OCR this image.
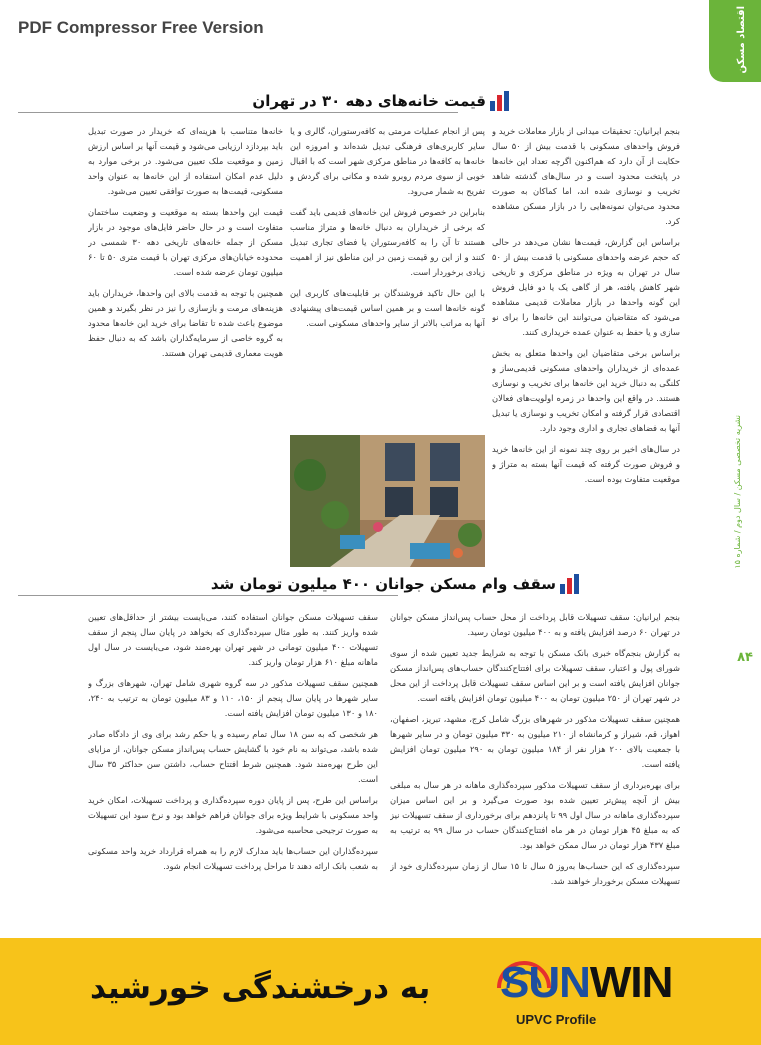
PDF Compressor Free Version	اقتصاد مسکن
نشریه تخصصی مسکن / سال دوم / شماره ۱۵
۸۴
قیمت خانه‌های دهه ۳۰ در تهران

بنجم ایرانیان: تحقیقات میدانی از بازار معاملات خرید و فروش واحدهای مسکونی با قدمت بیش از ۵۰ سال حکایت از آن دارد که هم‌اکنون اگرچه تعداد این خانه‌ها در پایتخت محدود است و در سال‌های گذشته شاهد تخریب و نوسازی شده اند، اما کماکان به صورت محدود می‌توان نمونه‌هایی را در بازار مسکن مشاهده کرد.

براساس این گزارش، قیمت‌ها نشان می‌دهد در حالی که حجم عرضه واحدهای مسکونی با قدمت بیش از ۵۰ سال در تهران به ویژه در مناطق مرکزی و تاریخی شهر کاهش یافته، هر از گاهی یک یا دو فایل فروش این گونه واحدها در بازار معاملات قدیمی مشاهده می‌شود که متقاضیان می‌توانند این خانه‌ها را برای نو سازی و یا حفظ به عنوان عمده خریداری کنند.

براساس برخی متقاضیان این واحدها متعلق به بخش عمده‌ای از خریداران واحدهای مسکونی قدیمی‌ساز و کلنگی به دنبال خرید این خانه‌ها برای تخریب و نوسازی هستند. در واقع این واحدها در زمره اولویت‌های فعالان اقتصادی قرار گرفته و امکان تخریب و نوسازی یا تبدیل آنها به فضاهای تجاری و اداری وجود دارد.

در سال‌های اخیر بر روی چند نمونه از این خانه‌ها خرید و فروش صورت گرفته که قیمت آنها بسته به متراژ و موقعیت متفاوت بوده است.

پس از انجام عملیات مرمتی به کافه‌رستوران، گالری و یا سایر کاربری‌های فرهنگی تبدیل شده‌اند و امروزه این خانه‌ها به کافه‌ها در مناطق مرکزی شهر است که با اقبال خوبی از سوی مردم روبرو شده و مکانی برای گردش و تفریح به شمار می‌رود.

بنابراین در خصوص فروش این خانه‌های قدیمی باید گفت که برخی از خریداران به دنبال خانه‌ها و متراژ مناسب هستند تا آن را به کافه‌رستوران یا فضای تجاری تبدیل کنند و از این رو قیمت زمین در این مناطق نیز از اهمیت زیادی برخوردار است.

با این حال تاکید فروشندگان بر قابلیت‌های کاربری این گونه خانه‌ها است و بر همین اساس قیمت‌های پیشنهادی آنها به مراتب بالاتر از سایر واحدهای مسکونی است.

خانه‌ها متناسب با هزینه‌ای که خریدار در صورت تبدیل باید بپردازد ارزیابی می‌شود و قیمت آنها بر اساس ارزش زمین و موقعیت ملک تعیین می‌شود. در برخی موارد به دلیل عدم امکان استفاده از این خانه‌ها به عنوان واحد مسکونی، قیمت‌ها به صورت توافقی تعیین می‌شود.

قیمت این واحدها بسته به موقعیت و وضعیت ساختمان متفاوت است و در حال حاضر فایل‌های موجود در بازار مسکن از جمله خانه‌های تاریخی دهه ۳۰ شمسی در محدوده خیابان‌های مرکزی تهران با قیمت متری ۵۰ تا ۶۰ میلیون تومان عرضه شده است.

همچنین با توجه به قدمت بالای این واحدها، خریداران باید هزینه‌های مرمت و بازسازی را نیز در نظر بگیرند و همین موضوع باعث شده تا تقاضا برای خرید این خانه‌ها محدود به گروه خاصی از سرمایه‌گذاران باشد که به دنبال حفظ هویت معماری قدیمی تهران هستند.

سقف وام مسکن جوانان ۴۰۰ میلیون تومان شد

بنجم ایرانیان: سقف تسهیلات قابل پرداخت از محل حساب پس‌انداز مسکن جوانان در تهران ۶۰ درصد افزایش یافته و به ۴۰۰ میلیون تومان رسید.

به گزارش بنجم‌گاه خبری بانک مسکن با توجه به شرایط جدید تعیین شده از سوی شورای پول و اعتبار، سقف تسهیلات برای افتتاح‌کنندگان حساب‌های پس‌انداز مسکن جوانان افزایش یافته است و بر این اساس سقف تسهیلات قابل پرداخت از این محل در شهر تهران از ۲۵۰ میلیون تومان به ۴۰۰ میلیون تومان افزایش یافته است.

همچنین سقف تسهیلات مذکور در شهرهای بزرگ شامل کرج، مشهد، تبریز، اصفهان، اهواز، قم، شیراز و کرمانشاه از ۲۱۰ میلیون به ۳۳۰ میلیون تومان و در سایر شهرها با جمعیت بالای ۲۰۰ هزار نفر از ۱۸۴ میلیون تومان به ۲۹۰ میلیون تومان افزایش یافته است.

برای بهره‌برداری از سقف تسهیلات مذکور سپرده‌گذاری ماهانه در هر سال به مبلغی بیش از آنچه پیش‌تر تعیین شده بود صورت می‌گیرد و بر این اساس میزان سپرده‌گذاری ماهانه در سال اول ۹۹ تا پانزدهم برای برخورداری از سقف تسهیلات نیز که به مبلغ ۴۵ هزار تومان در هر ماه افتتاح‌کنندگان حساب در سال ۹۹ به ترتیب به مبلغ ۴۳۷ هزار تومان در سال ممکن خواهد بود.

سپرده‌گذاری که این حساب‌ها به‌روز ۵ سال تا ۱۵ سال از زمان سپرده‌گذاری خود از تسهیلات مسکن برخوردار خواهند شد.

سقف تسهیلات مسکن جوانان استفاده کنند، می‌بایست بیشتر از حداقل‌های تعیین شده واریز کنند. به طور مثال سپرده‌گذاری که بخواهد در پایان سال پنجم از سقف تسهیلات ۴۰۰ میلیون تومانی در شهر تهران بهره‌مند شود، می‌بایست در سال اول ماهانه مبلغ ۶۱۰ هزار تومان واریز کند.

همچنین سقف تسهیلات مذکور در سه گروه شهری شامل تهران، شهرهای بزرگ و سایر شهرها در پایان سال پنجم از ۱۵۰، ۱۱۰ و ۸۳ میلیون تومان به ترتیب به ۲۴۰، ۱۸۰ و ۱۳۰ میلیون تومان افزایش یافته است.

هر شخصی که به سن ۱۸ سال تمام رسیده و یا حکم رشد برای وی از دادگاه صادر شده باشد، می‌تواند به نام خود با گشایش حساب پس‌انداز مسکن جوانان، از مزایای این طرح بهره‌مند شود. همچنین شرط افتتاح حساب، داشتن سن حداکثر ۳۵ سال است.

براساس این طرح، پس از پایان دوره سپرده‌گذاری و پرداخت تسهیلات، امکان خرید واحد مسکونی با شرایط ویژه برای جوانان فراهم خواهد بود و نرخ سود این تسهیلات به صورت ترجیحی محاسبه می‌شود.

سپرده‌گذاران این حساب‌ها باید مدارک لازم را به همراه قرارداد خرید واحد مسکونی به شعب بانک ارائه دهند تا مراحل پرداخت تسهیلات انجام شود.

به درخشندگی خورشید SUNWIN
UPVC Profile
